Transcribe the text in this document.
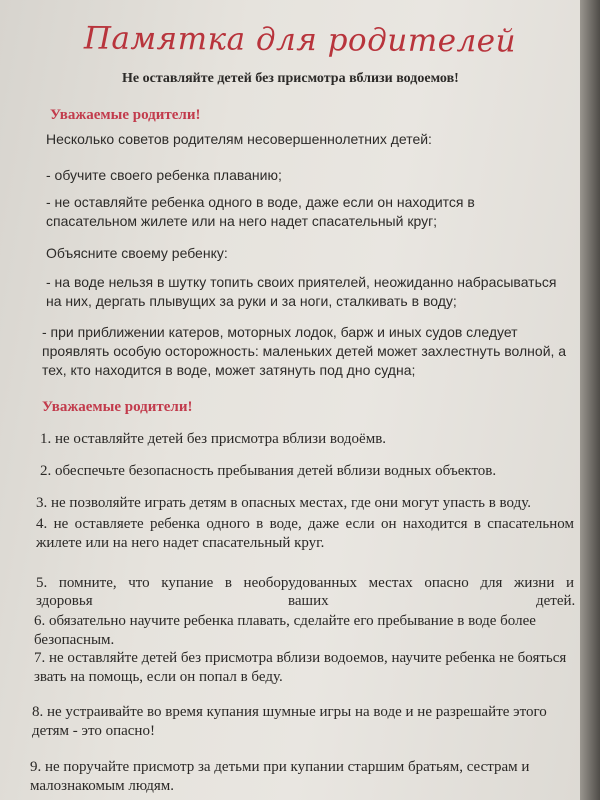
Памятка для родителей
Не оставляйте детей без присмотра вблизи водоемов!
Уважаемые родители!
Несколько советов родителям несовершеннолетних детей:
- обучите своего ребенка плаванию;
- не оставляйте ребенка одного в воде, даже если он находится в спасательном жилете или на него надет спасательный круг;
Объясните своему ребенку:
- на воде нельзя в шутку топить своих приятелей, неожиданно набрасываться на них, дергать плывущих за руки и за ноги, сталкивать в воду;
- при приближении катеров, моторных лодок, барж и иных судов следует проявлять особую осторожность: маленьких детей может захлестнуть волной, а тех, кто находится в воде, может затянуть под дно судна;
Уважаемые родители!
1. не оставляйте детей без присмотра вблизи водоёмв.
2. обеспечьте безопасность пребывания детей вблизи водных объектов.
3. не позволяйте играть детям в опасных местах, где они могут упасть в воду.
4. не оставляете ребенка одного в воде, даже если он находится в спасательном жилете или на него надет спасательный круг.
5. помните, что купание в необорудованных местах опасно для жизни и
здоровья	ваших	детей.
6. обязательно научите ребенка плавать, сделайте его пребывание в воде более безопасным.
7. не оставляйте детей без присмотра вблизи водоемов, научите ребенка не бояться звать на помощь, если он попал в беду.
8. не устраивайте во время купания шумные игры на воде и не разрешайте этого детям - это опасно!
9. не поручайте присмотр за детьми при купании старшим братьям, сестрам и малознакомым людям.
